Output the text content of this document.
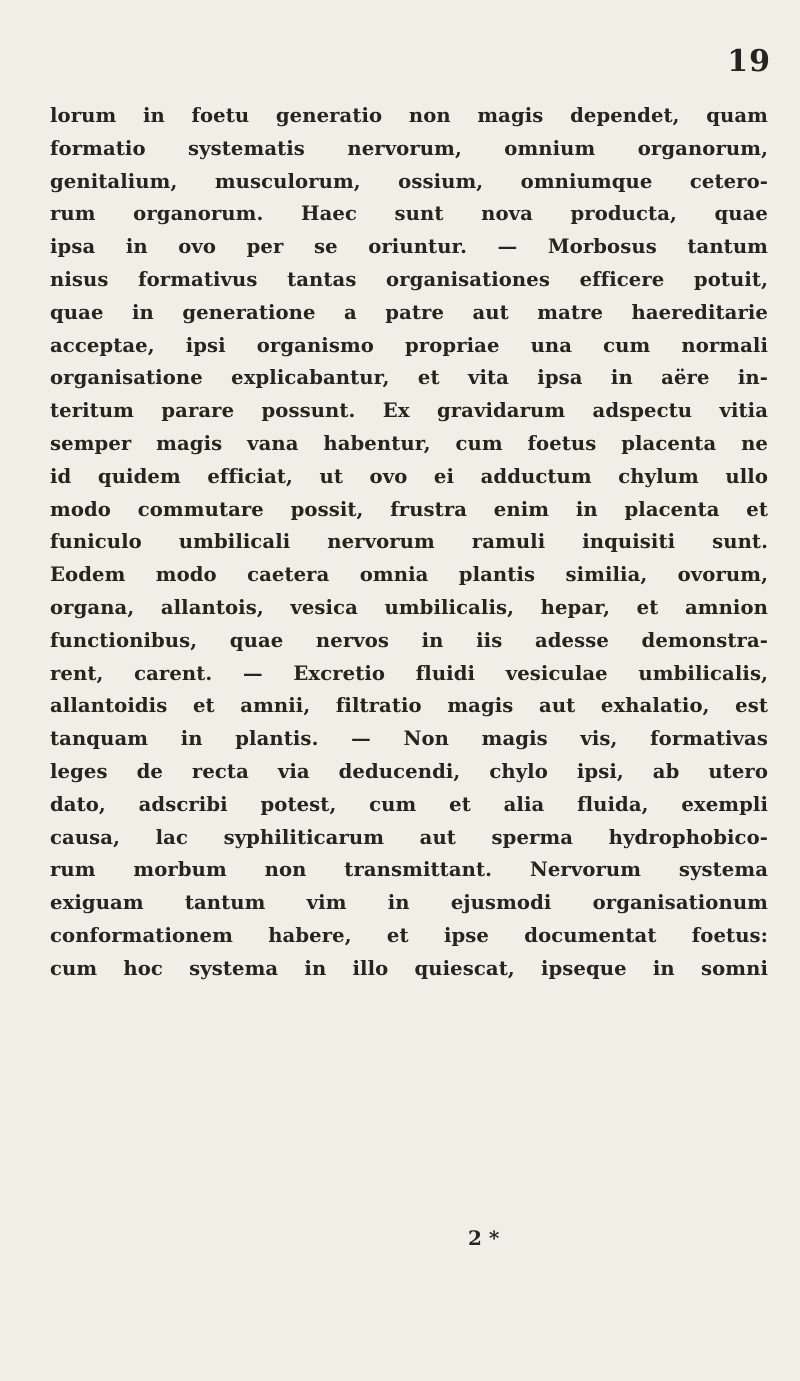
19
lorum in foetu generatio non magis dependet, quam
formatio systematis nervorum, omnium organorum,
genitalium, musculorum, ossium, omniumque cetero-
rum organorum. Haec sunt nova producta, quae
ipsa in ovo per se oriuntur. — Morbosus tantum
nisus formativus tantas organisationes efficere potuit,
quae in generatione a patre aut matre haereditarie
acceptae, ipsi organismo propriae una cum normali
organisatione explicabantur, et vita ipsa in aëre in-
teritum parare possunt. Ex gravidarum adspectu vitia
semper magis vana habentur, cum foetus placenta ne
id quidem efficiat, ut ovo ei adductum chylum ullo
modo commutare possit, frustra enim in placenta et
funiculo umbilicali nervorum ramuli inquisiti sunt.
Eodem modo caetera omnia plantis similia, ovorum,
organa, allantois, vesica umbilicalis, hepar, et amnion
functionibus, quae nervos in iis adesse demonstra-
rent, carent. — Excretio fluidi vesiculae umbilicalis,
allantoidis et amnii, filtratio magis aut exhalatio, est
tanquam in plantis. — Non magis vis, formativas
leges de recta via deducendi, chylo ipsi, ab utero
dato, adscribi potest, cum et alia fluida, exempli
causa, lac syphiliticarum aut sperma hydrophobico-
rum morbum non transmittant. Nervorum systema
exiguam tantum vim in ejusmodi organisationum
conformationem habere, et ipse documentat foetus:
cum hoc systema in illo quiescat, ipseque in somni
2 *
